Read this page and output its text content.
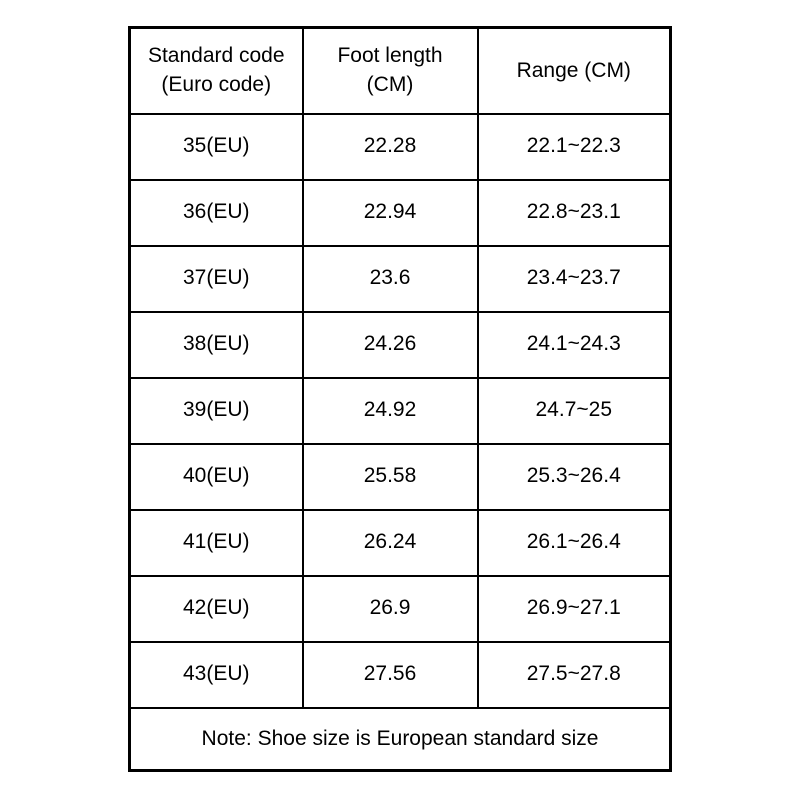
Standard code (Euro code)	Foot length (CM)	Range (CM)
35(EU)	22.28	22.1~22.3
36(EU)	22.94	22.8~23.1
37(EU)	23.6	23.4~23.7
38(EU)	24.26	24.1~24.3
39(EU)	24.92	24.7~25
40(EU)	25.58	25.3~26.4
41(EU)	26.24	26.1~26.4
42(EU)	26.9	26.9~27.1
43(EU)	27.56	27.5~27.8
Note: Shoe size is European standard size		
